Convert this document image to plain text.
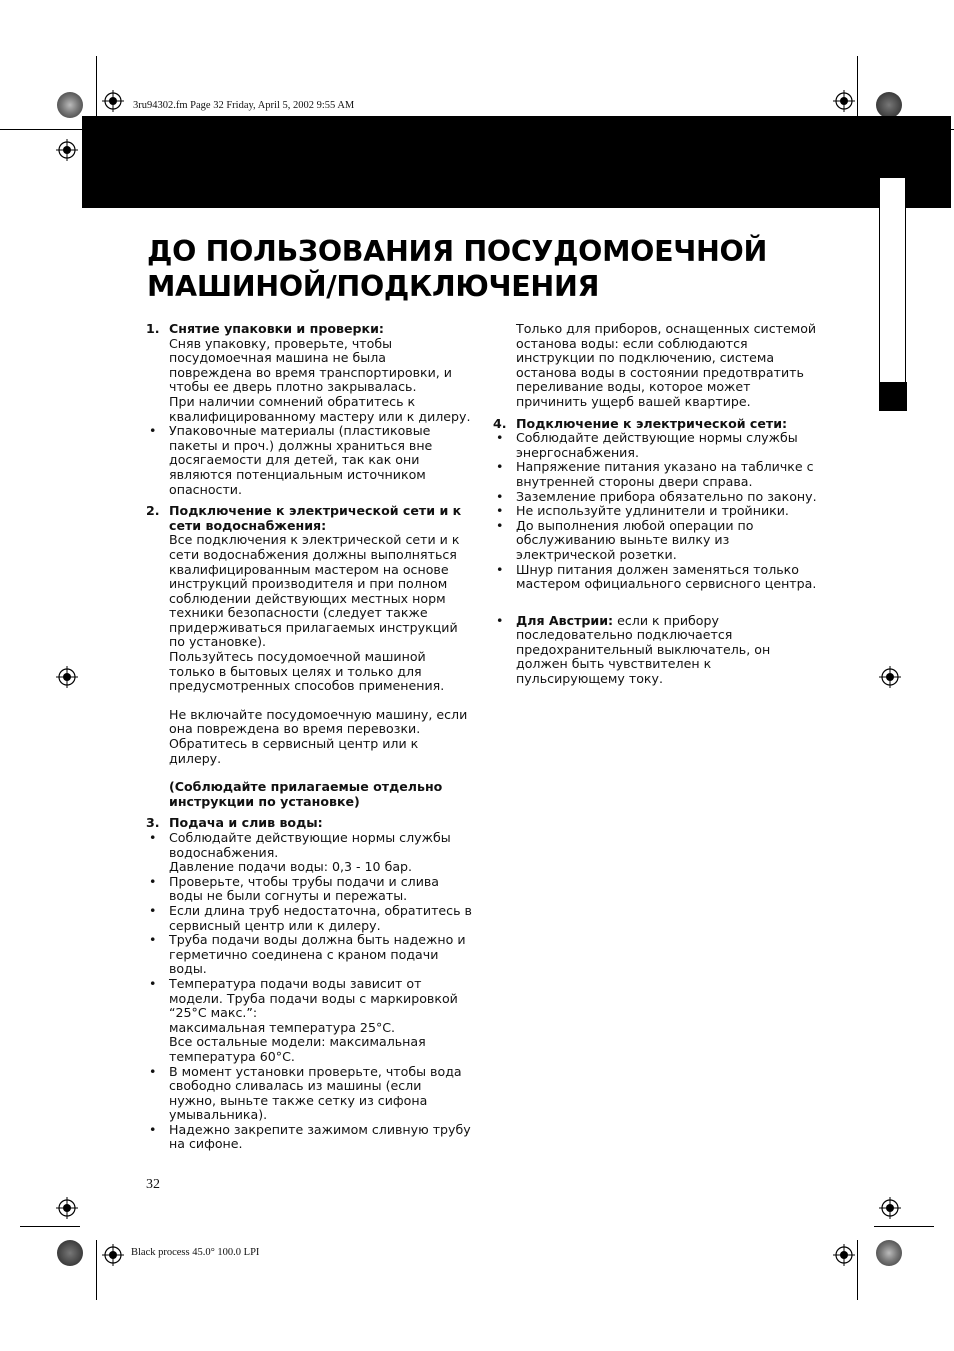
3ru94302.fm Page 32 Friday, April 5, 2002 9:55 AM
Black process 45.0° 100.0 LPI
ДО ПОЛЬЗОВАНИЯ ПОСУДОМОЕЧНОЙ
МАШИНОЙ/ПОДКЛЮЧЕНИЯ
1. Снятие упаковки и проверки:
Сняв упаковку, проверьте, чтобы посудомоечная машина не была повреждена во время транспортировки, и чтобы ее дверь плотно закрывалась.
При наличии сомнений обратитесь к квалифицированному мастеру или к дилеру.
• Упаковочные материалы (пластиковые пакеты и проч.) должны храниться вне досягаемости для детей, так как они являются потенциальным источником опасности.
2. Подключение к электрической сети и к сети водоснабжения:
Все подключения к электрической сети и к сети водоснабжения должны выполняться квалифицированным мастером на основе инструкций производителя и при полном соблюдении действующих местных норм техники безопасности (следует также придерживаться прилагаемых инструкций по установке).
Пользуйтесь посудомоечной машиной только в бытовых целях и только для предусмотренных способов применения.
Не включайте посудомоечную машину, если она повреждена во время перевозки. Обратитесь в сервисный центр или к дилеру.
(Соблюдайте прилагаемые отдельно инструкции по установке)
3. Подача и слив воды:
• Соблюдайте действующие нормы службы водоснабжения.
Давление подачи воды: 0,3 - 10 бар.
• Проверьте, чтобы трубы подачи и слива воды не были согнуты и пережаты.
• Если длина труб недостаточна, обратитесь в сервисный центр или к дилеру.
• Труба подачи воды должна быть надежно и герметично соединена с краном подачи воды.
• Температура подачи воды зависит от модели. Труба подачи воды с маркировкой “25°C макс.”:
максимальная температура 25°C.
Все остальные модели: максимальная температура 60°C.
• В момент установки проверьте, чтобы вода свободно сливалась из машины (если нужно, выньте также сетку из сифона умывальника).
• Надежно закрепите зажимом сливную трубу на сифоне.
Только для приборов, оснащенных системой останова воды: если соблюдаются инструкции по подключению, система останова воды в состоянии предотвратить переливание воды, которое может причинить ущерб вашей квартире.
4. Подключение к электрической сети:
• Соблюдайте действующие нормы службы энергоснабжения.
• Напряжение питания указано на табличке с внутренней стороны двери справа.
• Заземление прибора обязательно по закону.
• Не используйте удлинители и тройники.
• До выполнения любой операции по обслуживанию выньте вилку из электрической розетки.
• Шнур питания должен заменяться только мастером официального сервисного центра.
• Для Австрии: если к прибору последовательно подключается предохранительный выключатель, он должен быть чувствителен к пульсирующему току.
32
